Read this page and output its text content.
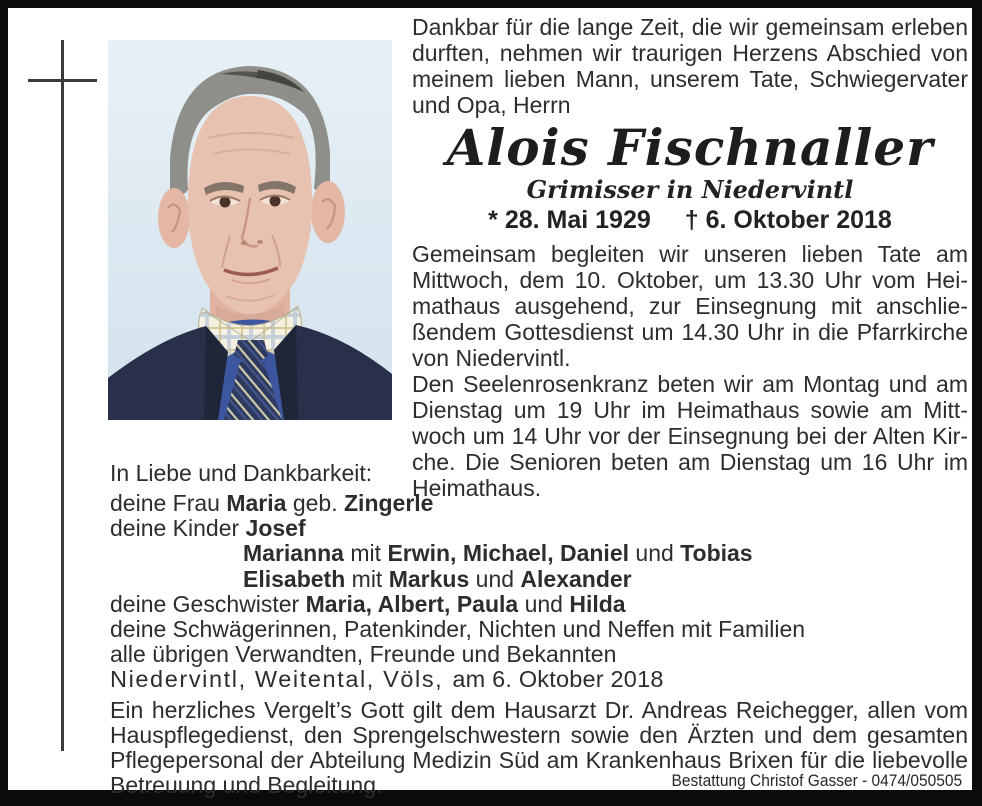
Dankbar für die lange Zeit, die wir gemeinsam erleben durften, nehmen wir traurigen Herzens Abschied von meinem lieben Mann, unserem Tate, Schwiegervater und Opa, Herrn

Alois Fischnaller
Grimisser in Niedervintl
* 28. Mai 1929 † 6. Oktober 2018

Gemeinsam begleiten wir unseren lieben Tate am Mittwoch, dem 10. Oktober, um 13.30 Uhr vom Heimathaus ausgehend, zur Einsegnung mit anschließendem Gottesdienst um 14.30 Uhr in die Pfarrkirche von Niedervintl.

Den Seelenrosenkranz beten wir am Montag und am Dienstag um 19 Uhr im Heimathaus sowie am Mittwoch um 14 Uhr vor der Einsegnung bei der Alten Kirche. Die Senioren beten am Dienstag um 16 Uhr im Heimathaus.

In Liebe und Dankbarkeit:
deine Frau Maria geb. Zingerle
deine Kinder Josef
Marianna mit Erwin, Michael, Daniel und Tobias
Elisabeth mit Markus und Alexander
deine Geschwister Maria, Albert, Paula und Hilda
deine Schwägerinnen, Patenkinder, Nichten und Neffen mit Familien
alle übrigen Verwandten, Freunde und Bekannten
Niedervintl, Weitental, Völs, am 6. Oktober 2018

Ein herzliches Vergelt’s Gott gilt dem Hausarzt Dr. Andreas Reichegger, allen vom Hauspflegedienst, den Sprengelschwestern sowie den Ärzten und dem gesamten Pflegepersonal der Abteilung Medizin Süd am Krankenhaus Brixen für die liebevolle Betreuung und Begleitung.	Bestattung Christof Gasser - 0474/050505
